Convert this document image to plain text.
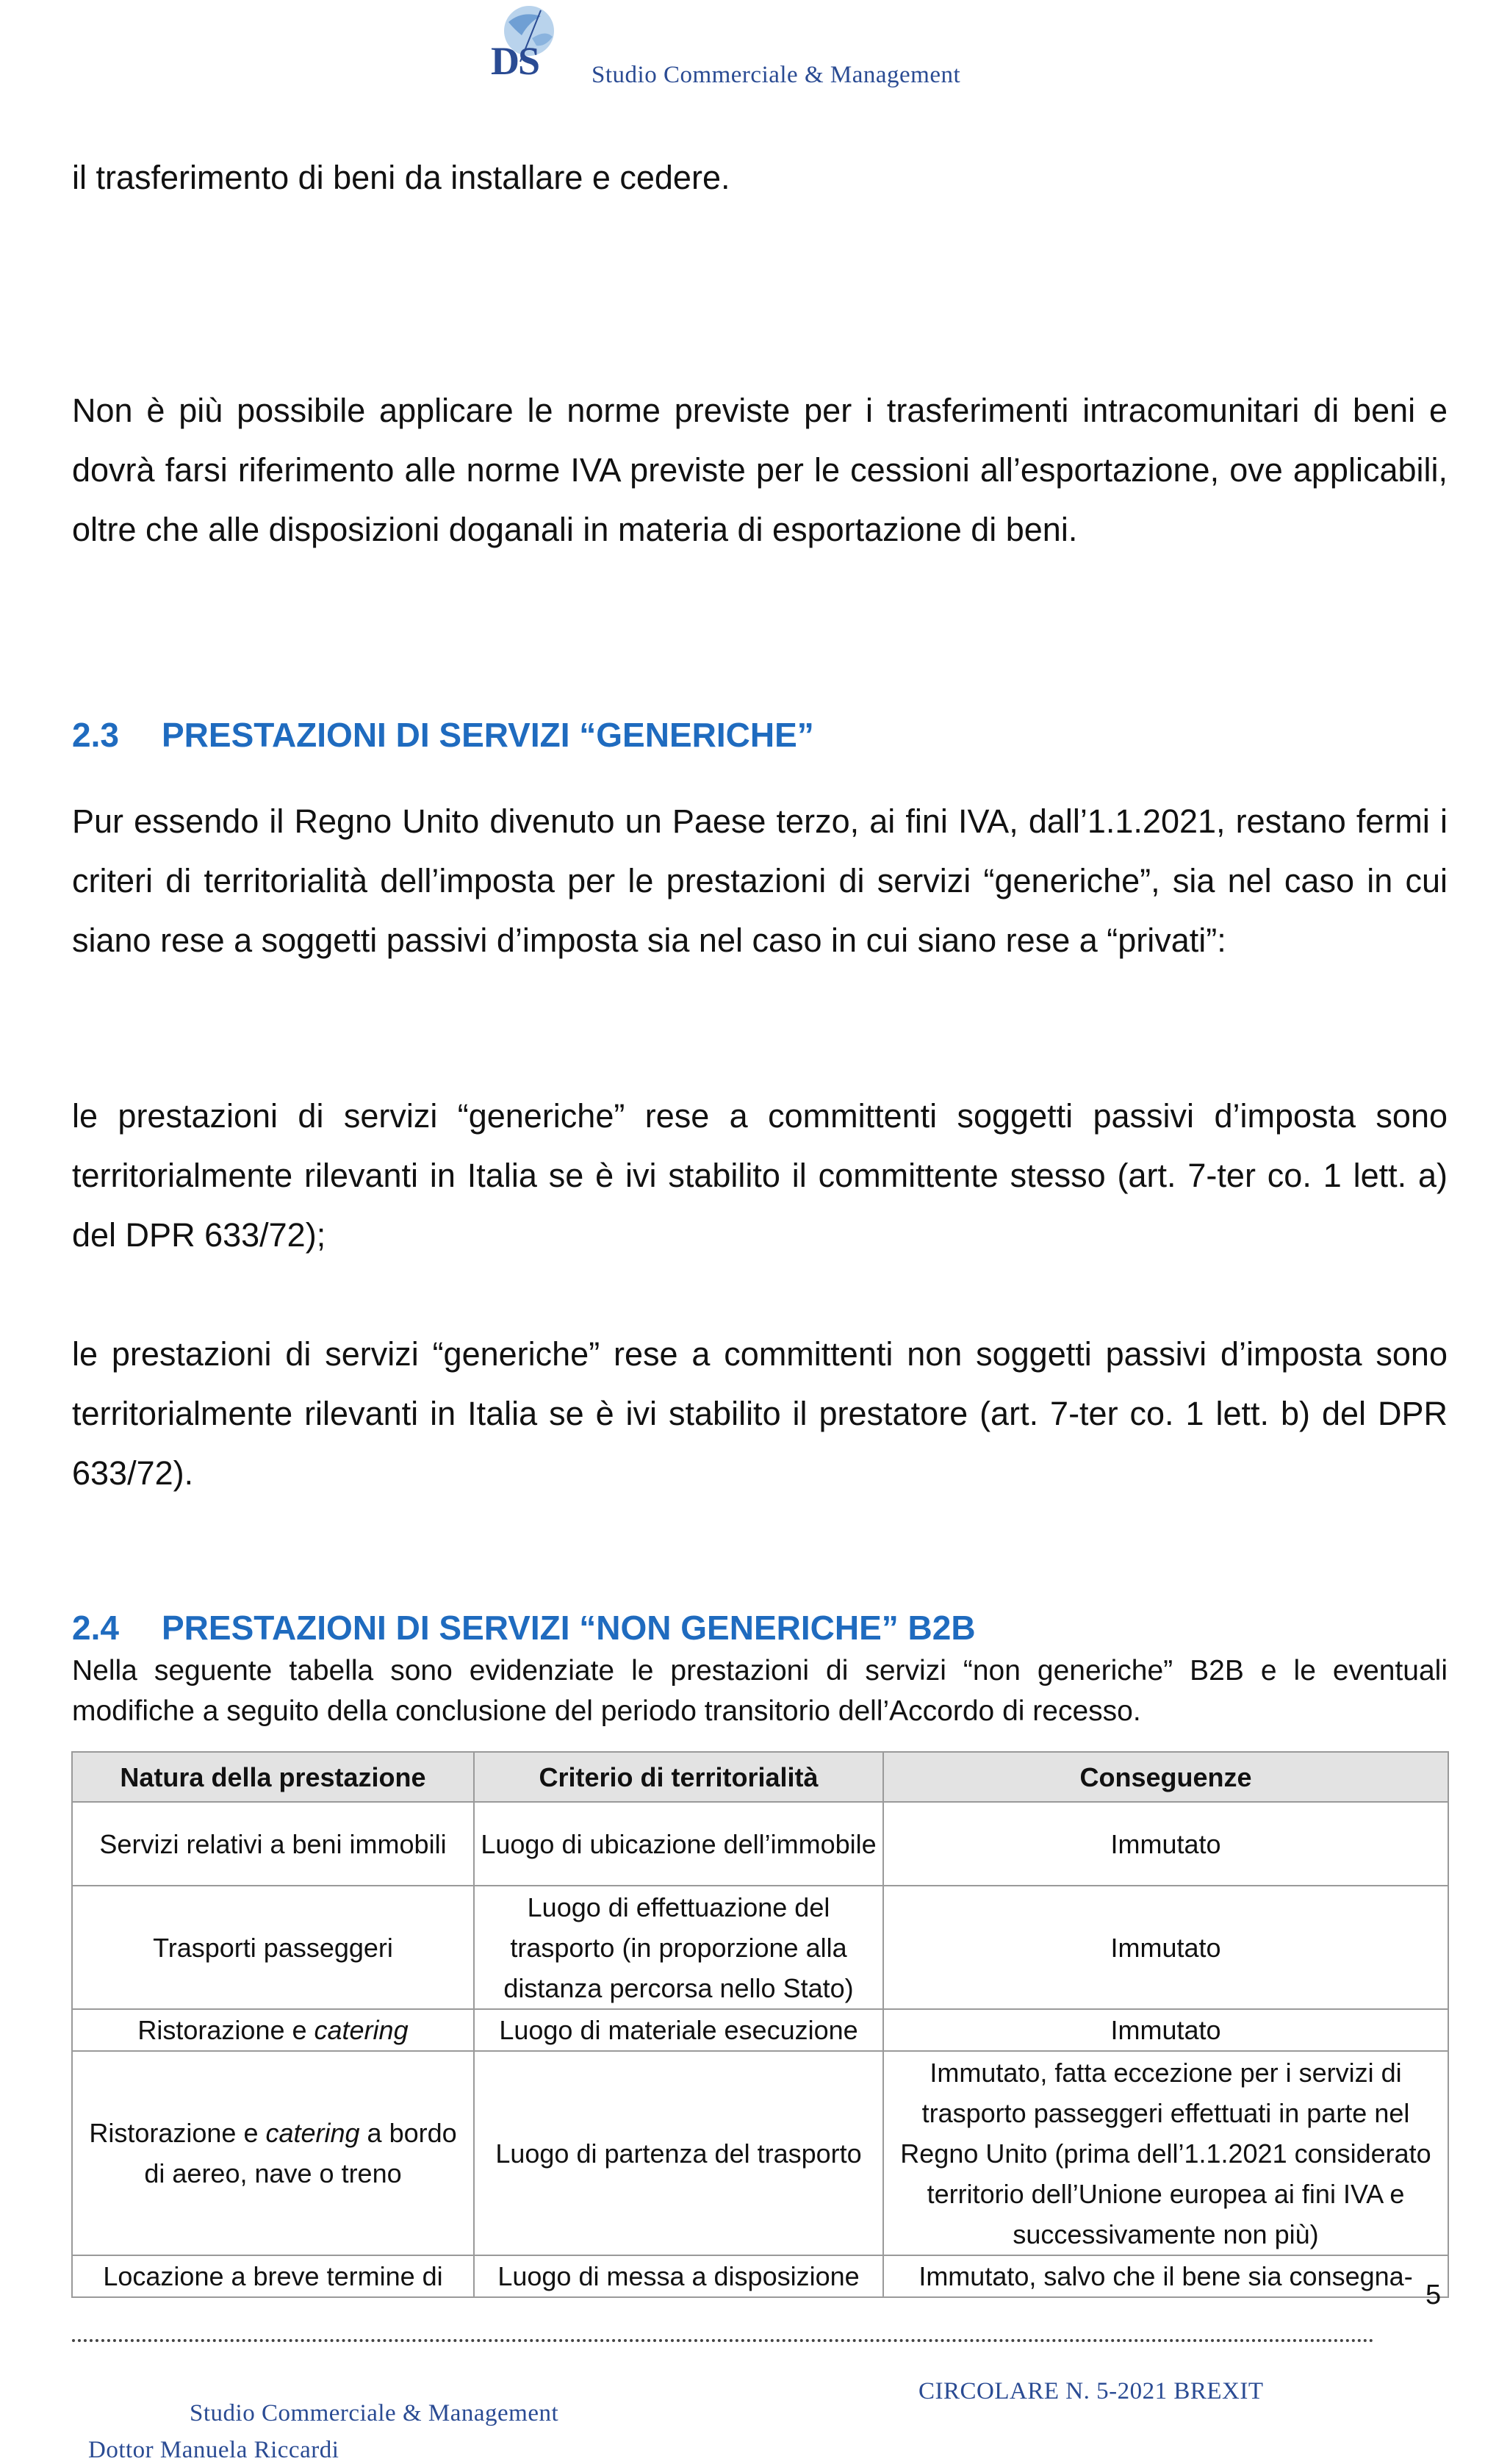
DS Studio Commerciale & Management

il trasferimento di beni da installare e cedere.

Non è più possibile applicare le norme previste per i trasferimenti intracomunitari di beni e dovrà farsi riferimento alle norme IVA previste per le cessioni all’esportazione, ove applicabili, oltre che alle disposizioni doganali in materia di esportazione di beni.

2.3 PRESTAZIONI DI SERVIZI “GENERICHE”

Pur essendo il Regno Unito divenuto un Paese terzo, ai fini IVA, dall’1.1.2021, restano fermi i criteri di territorialità dell’imposta per le prestazioni di servizi “generiche”, sia nel caso in cui siano rese a soggetti passivi d’imposta sia nel caso in cui siano rese a “privati”:

le prestazioni di servizi “generiche” rese a committenti soggetti passivi d’imposta sono territorialmente rilevanti in Italia se è ivi stabilito il committente stesso (art. 7-ter co. 1 lett. a) del DPR 633/72);

le prestazioni di servizi “generiche” rese a committenti non soggetti passivi d’imposta sono territorialmente rilevanti in Italia se è ivi stabilito il prestatore (art. 7-ter co. 1 lett. b) del DPR 633/72).

2.4 PRESTAZIONI DI SERVIZI “NON GENERICHE” B2B

Nella seguente tabella sono evidenziate le prestazioni di servizi “non generiche” B2B e le eventuali modifiche a seguito della conclusione del periodo transitorio dell’Accordo di recesso.

Natura della prestazione	Criterio di territorialità	Conseguenze
Servizi relativi a beni immobili	Luogo di ubicazione dell’immobile	Immutato
Trasporti passeggeri	Luogo di effettuazione del trasporto (in proporzione alla distanza percorsa nello Stato)	Immutato
Ristorazione e catering	Luogo di materiale esecuzione	Immutato
Ristorazione e catering a bordo di aereo, nave o treno	Luogo di partenza del trasporto	Immutato, fatta eccezione per i servizi di trasporto passeggeri effettuati in parte nel Regno Unito (prima dell’1.1.2021 considerato territorio dell’Unione europea ai fini IVA e successivamente non più)
Locazione a breve termine di	Luogo di messa a disposizione	Immutato, salvo che il bene sia consegna-
5
CIRCOLARE N. 5-2021 BREXIT
Studio Commerciale & Management
Dottor Manuela Riccardi
